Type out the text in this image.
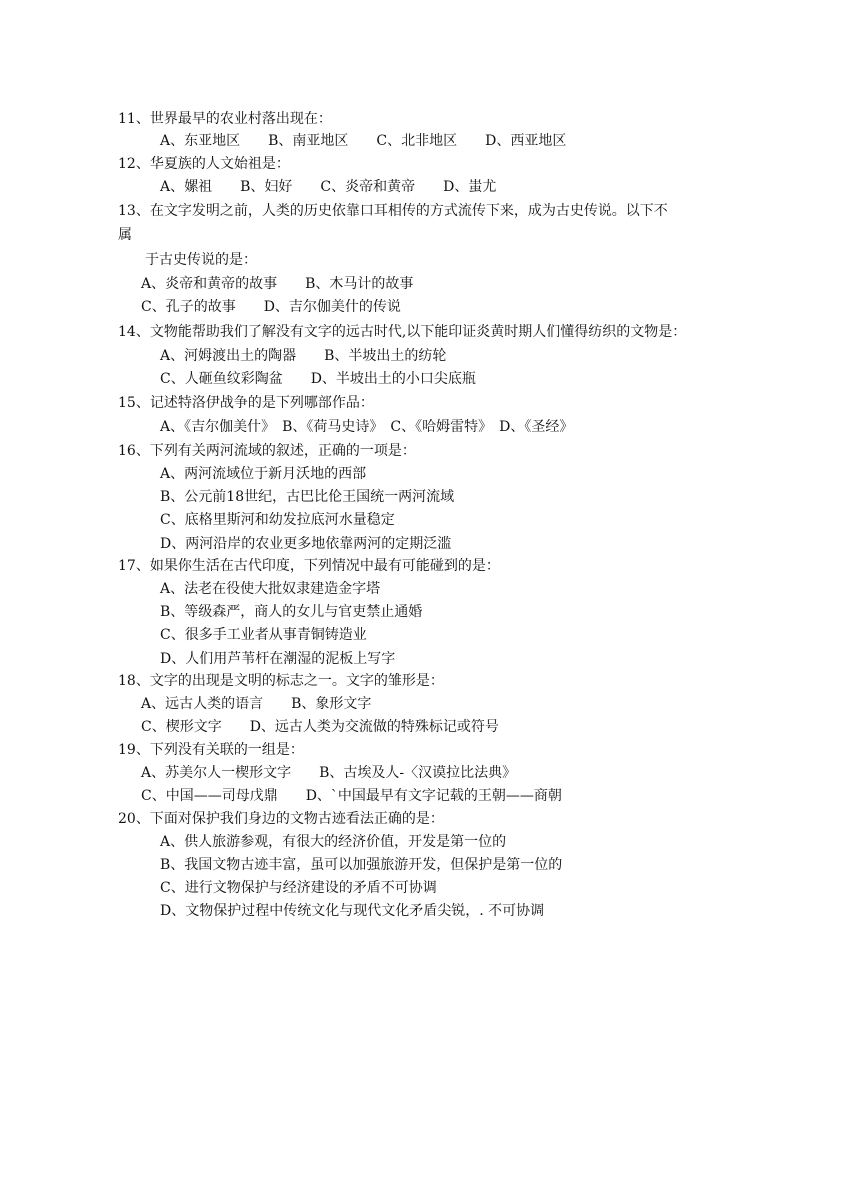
11、世界最早的农业村落出现在：
A、东亚地区　　B、南亚地区　　C、北非地区　　D、西亚地区
12、华夏族的人文始祖是：
A、嫘祖　　B、妇好　　C、炎帝和黄帝　　D、蚩尤
13、在文字发明之前，人类的历史依靠口耳相传的方式流传下来，成为古史传说。以下不
属
于古史传说的是：
A、炎帝和黄帝的故事　　B、木马计的故事
C、孔子的故事　　D、吉尔伽美什的传说
14、文物能帮助我们了解没有文字的远古时代,以下能印证炎黄时期人们懂得纺织的文物是：
A、河姆渡出土的陶器　　B、半坡出土的纺轮
C、人砸鱼纹彩陶盆　　D、半坡出土的小口尖底瓶
15、记述特洛伊战争的是下列哪部作品：
A、《吉尔伽美什》　B、《荷马史诗》　C、《哈姆雷特》　D、《圣经》
16、下列有关两河流域的叙述，正确的一项是：
A、两河流域位于新月沃地的西部
B、公元前18世纪，古巴比伦王国统一两河流域
C、底格里斯河和幼发拉底河水量稳定
D、两河沿岸的农业更多地依靠两河的定期泛滥
17、如果你生活在古代印度，下列情况中最有可能碰到的是：
A、法老在役使大批奴隶建造金字塔
B、等级森严，商人的女儿与官吏禁止通婚
C、很多手工业者从事青铜铸造业
D、人们用芦苇杆在潮湿的泥板上写字
18、文字的出现是文明的标志之一。文字的雏形是：
A、远古人类的语言　　B、象形文字
C、楔形文字　　D、远古人类为交流做的特殊标记或符号
19、下列没有关联的一组是：
A、苏美尔人一楔形文字　　B、古埃及人-〈汉谟拉比法典》
C、中国——司母戊鼎　　D、`中国最早有文字记载的王朝——商朝
20、下面对保护我们身边的文物古迹看法正确的是：
A、供人旅游参观，有很大的经济价值，开发是第一位的
B、我国文物古迹丰富，虽可以加强旅游开发，但保护是第一位的
C、进行文物保护与经济建设的矛盾不可协调
D、文物保护过程中传统文化与现代文化矛盾尖锐，. 不可协调
